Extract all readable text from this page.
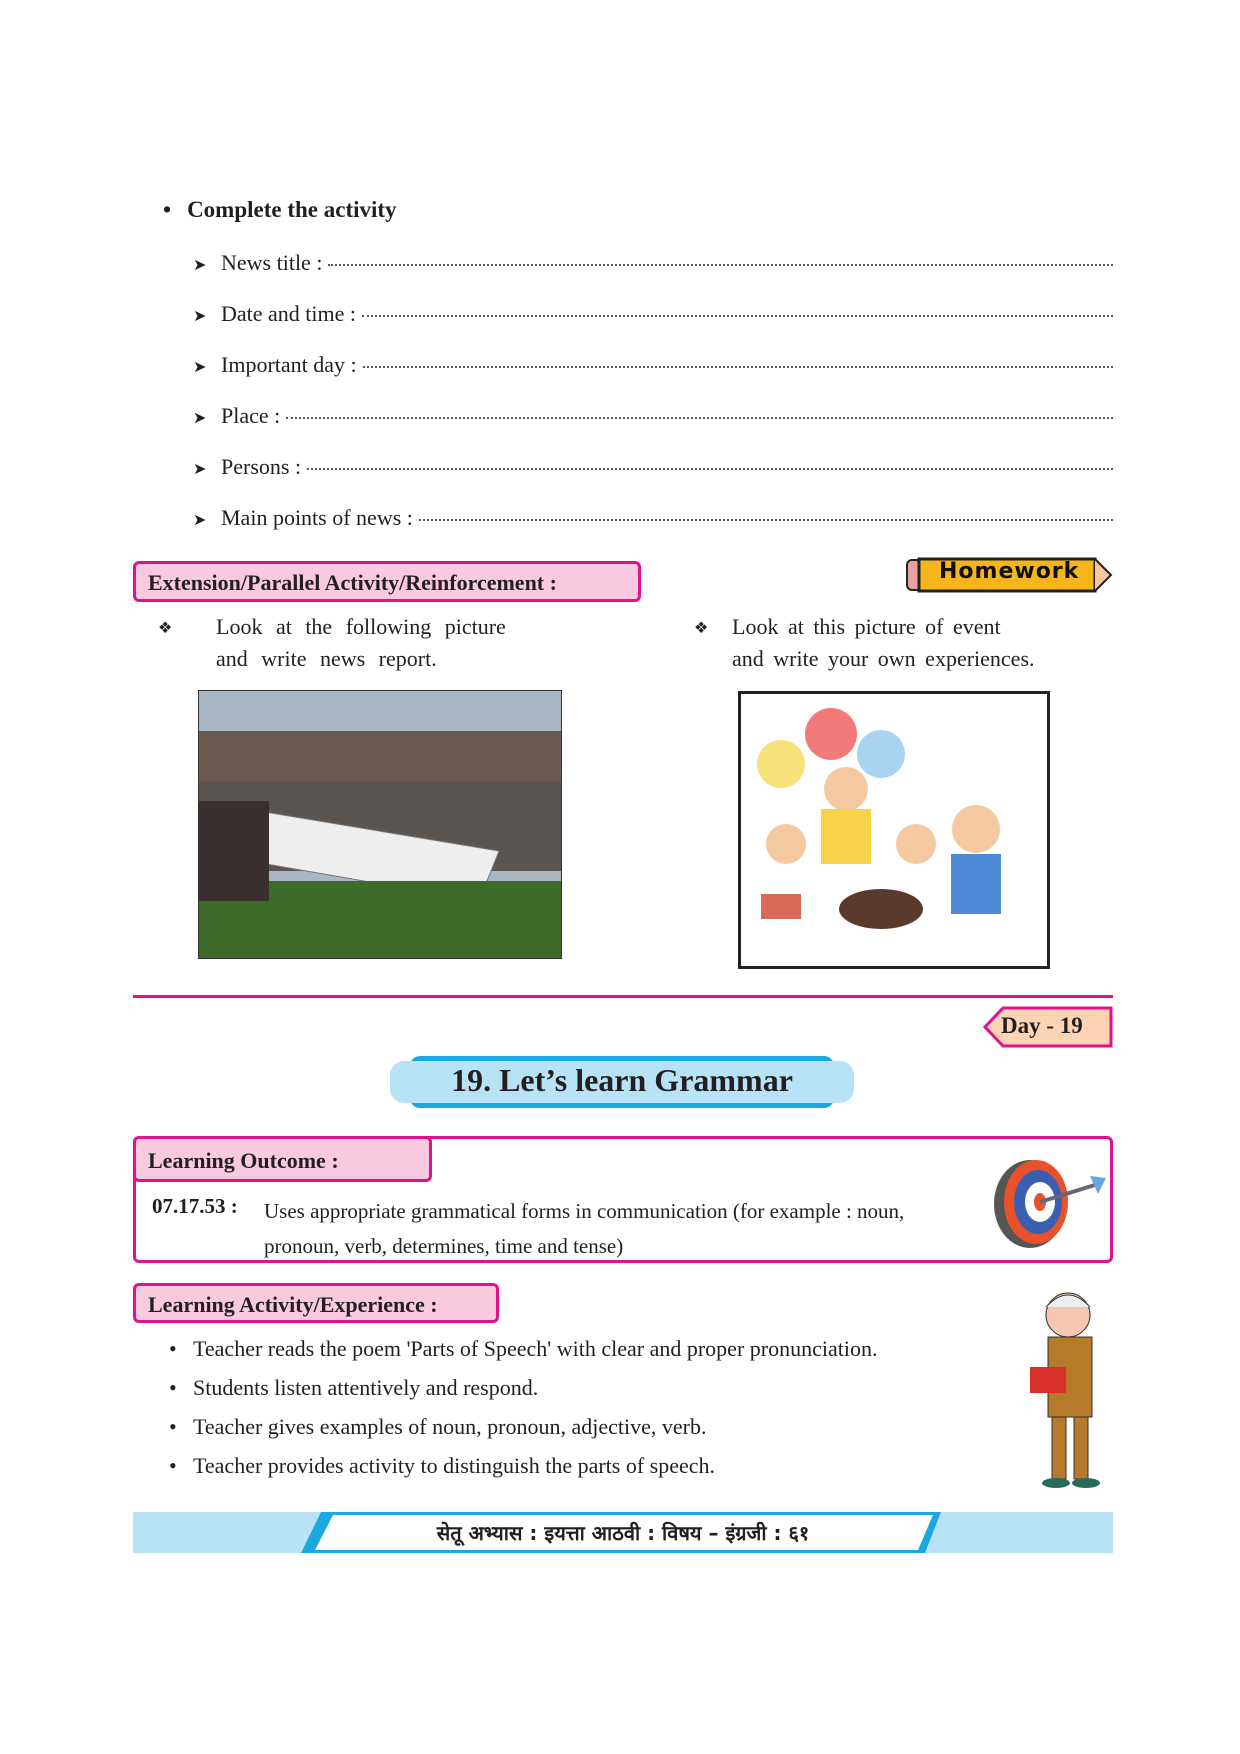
• Complete the activity
➤ News title :
➤ Date and time :
➤ Important day :
➤ Place :
➤ Persons :
➤ Main points of news :
Extension/Parallel Activity/Reinforcement :	Homework
❖ Look at the following picture
and write news report.
❖ Look at this picture of event
and write your own experiences.
Day - 19
19. Let’s learn Grammar
Learning Outcome :
07.17.53 : Uses appropriate grammatical forms in communication (for example : noun,
pronoun, verb, determines, time and tense)
Learning Activity/Experience :
• Teacher reads the poem 'Parts of Speech' with clear and proper pronunciation.
• Students listen attentively and respond.
• Teacher gives examples of noun, pronoun, adjective, verb.
• Teacher provides activity to distinguish the parts of speech.
सेतू अभ्यास : इयत्ता आठवी : विषय – इंग्रजी : ६१
